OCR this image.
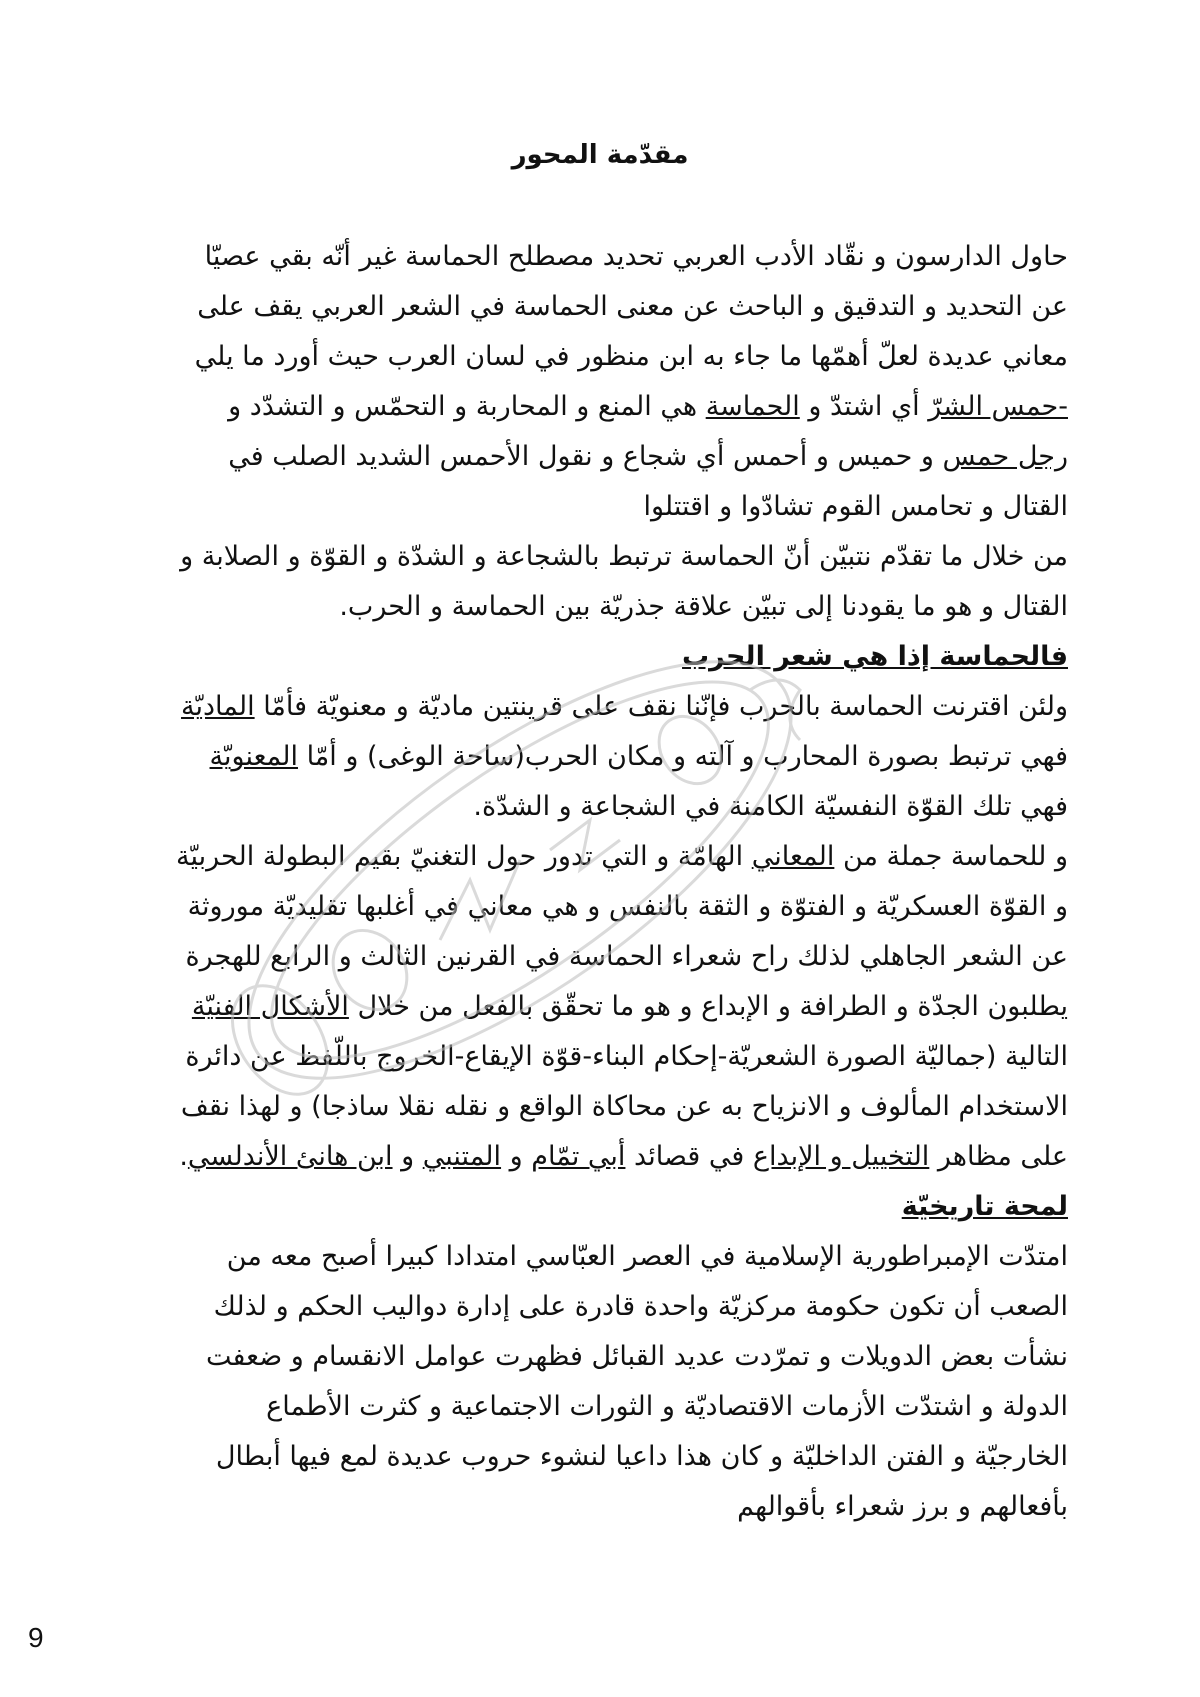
مقدّمة المحور

حاول الدارسون و نقّاد الأدب العربي تحديد مصطلح الحماسة غير أنّه بقي عصيّا عن التحديد و التدقيق و الباحث عن معنى الحماسة في الشعر العربي يقف على معاني عديدة لعلّ أهمّها ما جاء به ابن منظور في لسان العرب حيث أورد ما يلي

-حمس الشرّ أي اشتدّ و الحماسة هي المنع و المحاربة و التحمّس و التشدّد و رجل حمس و حميس و أحمس أي شجاع و نقول الأحمس الشديد الصلب في القتال و تحامس القوم تشادّوا و اقتتلوا

من خلال ما تقدّم نتبيّن أنّ الحماسة ترتبط بالشجاعة و الشدّة و القوّة و الصلابة و القتال و هو ما يقودنا إلى تبيّن علاقة جذريّة بين الحماسة و الحرب.

فالحماسة إذا هي شعر الحرب

ولئن اقترنت الحماسة بالحرب فإنّنا نقف على قرينتين ماديّة و معنويّة فأمّا الماديّة فهي ترتبط بصورة المحارب و آلته و مكان الحرب(ساحة الوغى) و أمّا المعنويّة فهي تلك القوّة النفسيّة الكامنة في الشجاعة و الشدّة.

و للحماسة جملة من المعاني الهامّة و التي تدور حول التغنيّ بقيم البطولة الحربيّة و القوّة العسكريّة و الفتوّة و الثقة بالنفس و هي معاني في أغلبها تقليديّة موروثة عن الشعر الجاهلي لذلك راح شعراء الحماسة في القرنين الثالث و الرابع للهجرة يطلبون الجدّة و الطرافة و الإبداع و هو ما تحقّق بالفعل من خلال الأشكال الفنيّة التالية (جماليّة الصورة الشعريّة-إحكام البناء-قوّة الإيقاع-الخروج باللّفظ عن دائرة الاستخدام المألوف و الانزياح به عن محاكاة الواقع و نقله نقلا ساذجا) و لهذا نقف على مظاهر التخييل و الإبداع في قصائد أبي تمّام و المتنبي و ابن هانئ الأندلسي.

لمحة تاريخيّة

امتدّت الإمبراطورية الإسلامية في العصر العبّاسي امتدادا كبيرا أصبح معه من الصعب أن تكون حكومة مركزيّة واحدة قادرة على إدارة دواليب الحكم و لذلك نشأت بعض الدويلات و تمرّدت عديد القبائل فظهرت عوامل الانقسام و ضعفت الدولة و اشتدّت الأزمات الاقتصاديّة و الثورات الاجتماعية و كثرت الأطماع الخارجيّة و الفتن الداخليّة و كان هذا داعيا لنشوء حروب عديدة لمع فيها أبطال بأفعالهم و برز شعراء بأقوالهم

9
